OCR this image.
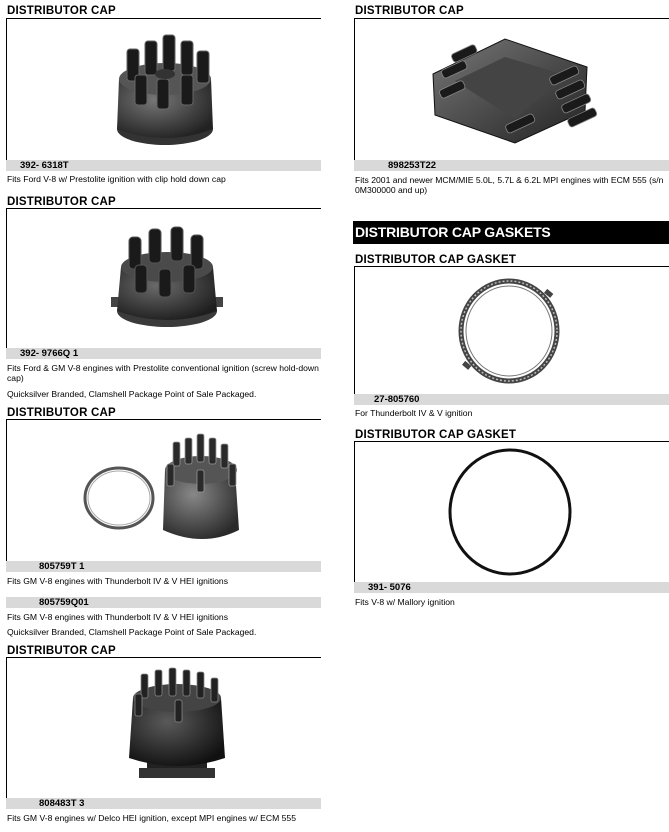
DISTRIBUTOR CAP
392- 6318T
Fits Ford V-8 w/ Prestolite ignition with clip hold down cap
DISTRIBUTOR CAP
392- 9766Q 1
Fits Ford & GM V-8 engines with Prestolite conventional ignition (screw hold-down cap)
Quicksilver Branded, Clamshell Package Point of Sale Packaged.
DISTRIBUTOR CAP
805759T 1
Fits GM V-8 engines with Thunderbolt IV & V HEI ignitions
805759Q01
Fits GM V-8 engines with Thunderbolt IV & V HEI ignitions
Quicksilver Branded, Clamshell Package Point of Sale Packaged.
DISTRIBUTOR CAP
808483T 3
Fits GM V-8 engines w/ Delco HEI ignition, except MPI engines w/ ECM 555
DISTRIBUTOR CAP
898253T22
Fits 2001 and newer MCM/MIE 5.0L, 5.7L & 6.2L MPI engines with ECM 555 (s/n 0M300000 and up)
DISTRIBUTOR CAP GASKETS
DISTRIBUTOR CAP GASKET
27-805760
For Thunderbolt IV & V ignition
DISTRIBUTOR CAP GASKET
391- 5076
Fits V-8 w/ Mallory ignition
